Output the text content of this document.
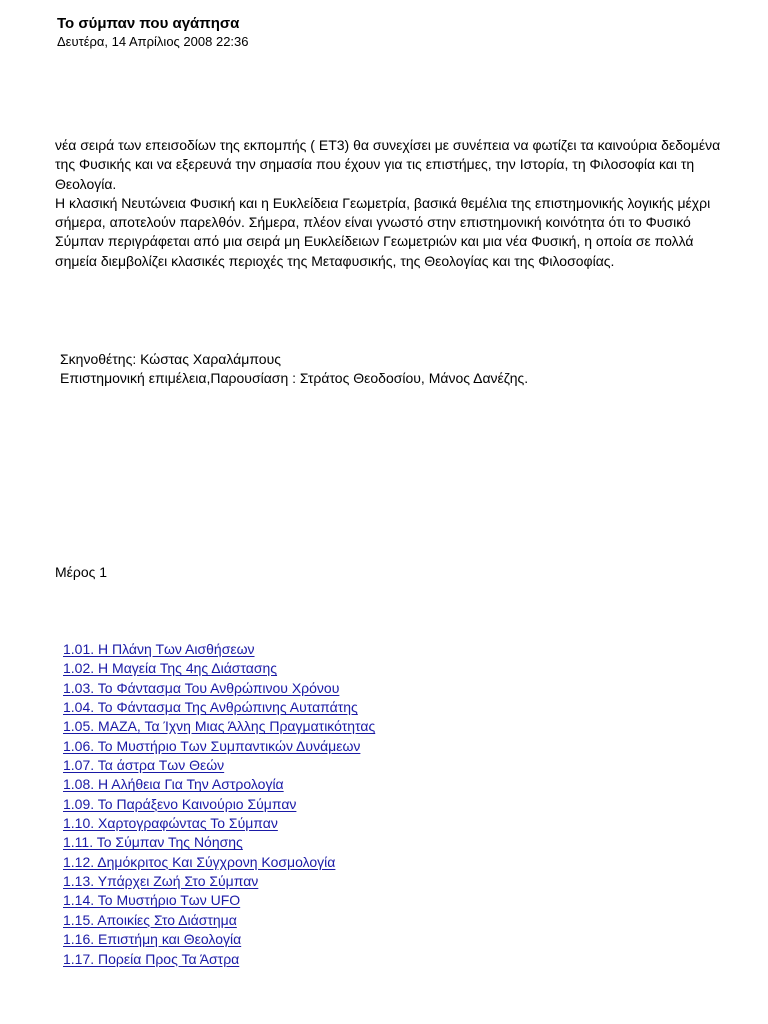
Το σύμπαν που αγάπησα
Δευτέρα, 14 Απρίλιος 2008 22:36

νέα σειρά των επεισοδίων της εκπομπής ( ΕΤ3) θα συνεχίσει με συνέπεια να φωτίζει τα καινούρια δεδομένα της Φυσικής και να εξερευνά την σημασία που έχουν για τις επιστήμες, την Ιστορία, τη Φιλοσοφία και τη Θεολογία.

Η κλασική Νευτώνεια Φυσική και η Ευκλείδεια Γεωμετρία, βασικά θεμέλια της επιστημονικής λογικής μέχρι σήμερα, αποτελούν παρελθόν. Σήμερα, πλέον είναι γνωστό στην επιστημονική κοινότητα ότι το Φυσικό Σύμπαν περιγράφεται από μια σειρά μη Ευκλείδειων Γεωμετριών και μια νέα Φυσική, η οποία σε πολλά σημεία διεμβολίζει κλασικές περιοχές της Μεταφυσικής, της Θεολογίας και της Φιλοσοφίας.

Σκηνοθέτης: Κώστας Χαραλάμπους
Επιστημονική επιμέλεια,Παρουσίαση : Στράτος Θεοδοσίου, Μάνος Δανέζης.
Μέρος 1
1.01. Η Πλάνη Των Αισθήσεων
1.02. Η Μαγεία Της 4ης Διάστασης
1.03. Το Φάντασμα Του Ανθρώπινου Χρόνου
1.04. Το Φάντασμα Της Ανθρώπινης Αυταπάτης
1.05. ΜΑΖΑ, Τα Ίχνη Μιας Άλλης Πραγματικότητας
1.06. Το Μυστήριο Των Συμπαντικών Δυνάμεων
1.07. Τα άστρα Των Θεών
1.08. Η Αλήθεια Για Την Αστρολογία
1.09. Το Παράξενο Καινούριο Σύμπαν
1.10. Χαρτογραφώντας Το Σύμπαν
1.11. Το Σύμπαν Της Νόησης
1.12. Δημόκριτος Και Σύγχρονη Κοσμολογία
1.13. Υπάρχει Ζωή Στο Σύμπαν
1.14. Το Μυστήριο Των UFO
1.15. Αποικίες Στο Διάστημα
1.16. Επιστήμη και Θεολογία
1.17. Πορεία Προς Τα Άστρα
